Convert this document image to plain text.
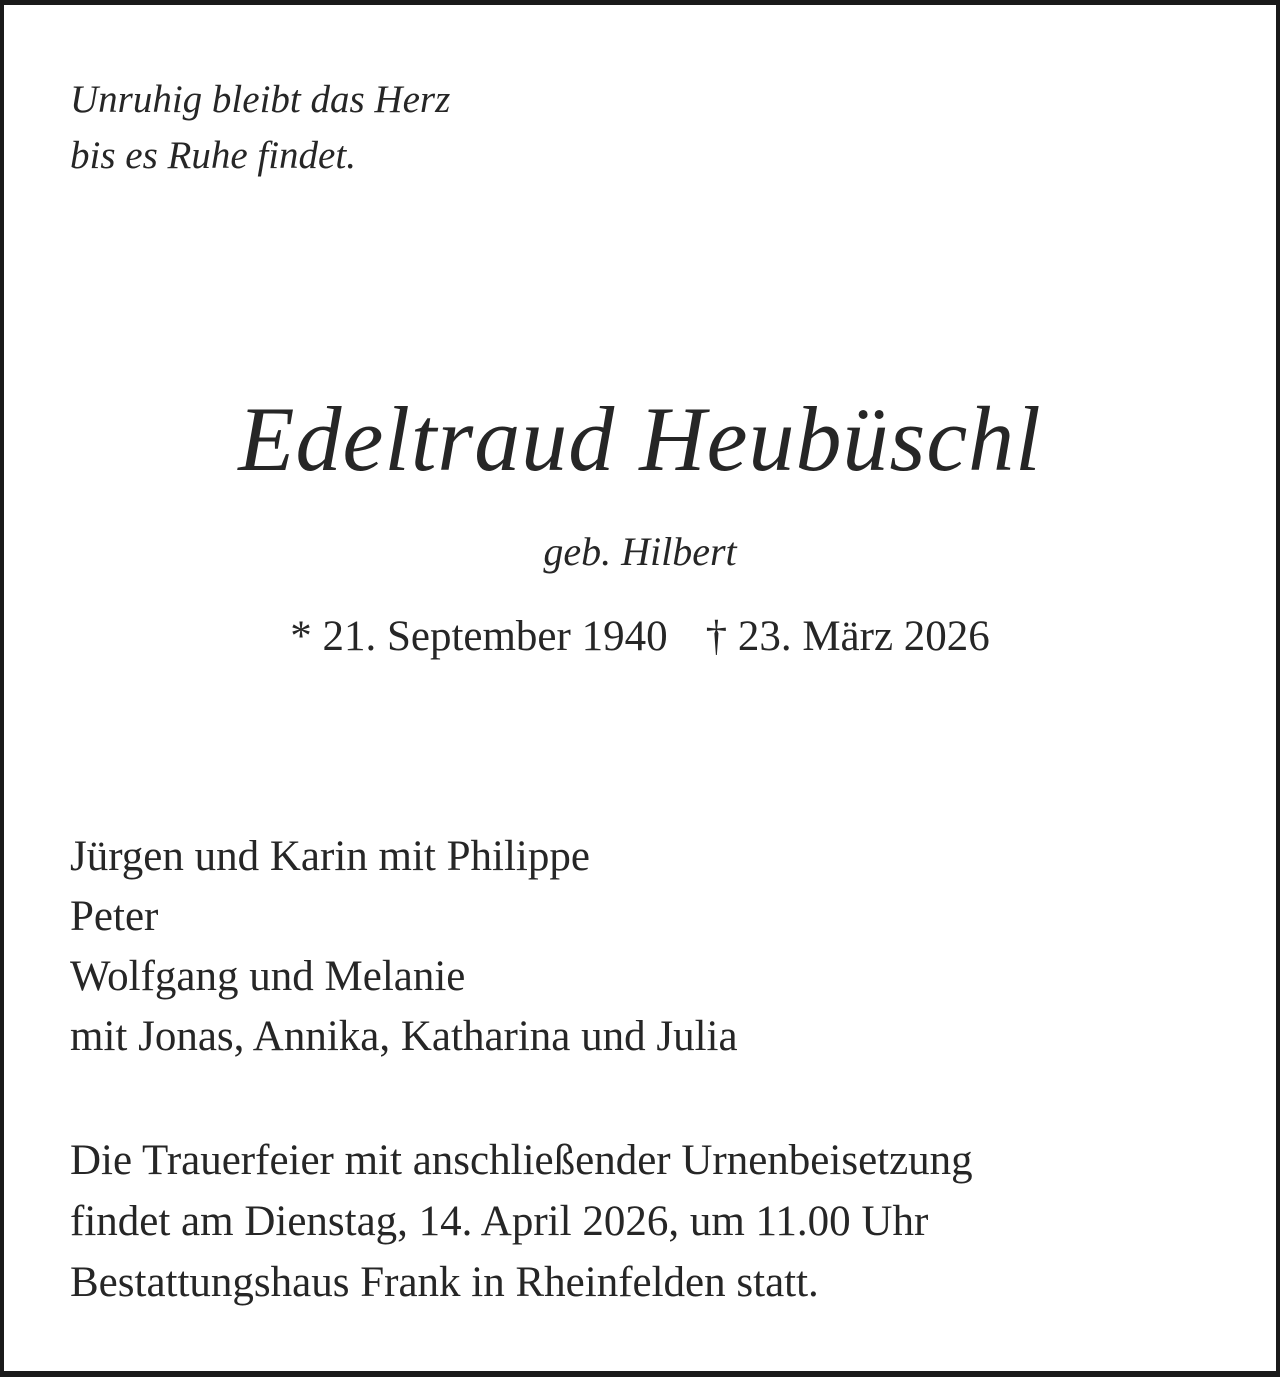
Unruhig bleibt das Herz
bis es Ruhe findet.
Edeltraud Heubüschl
geb. Hilbert
* 21. September 1940 † 23. März 2026
Jürgen und Karin mit Philippe
Peter
Wolfgang und Melanie
mit Jonas, Annika, Katharina und Julia
Die Trauerfeier mit anschließender Urnenbeisetzung
findet am Dienstag, 14. April 2026, um 11.00 Uhr
Bestattungshaus Frank in Rheinfelden statt.
